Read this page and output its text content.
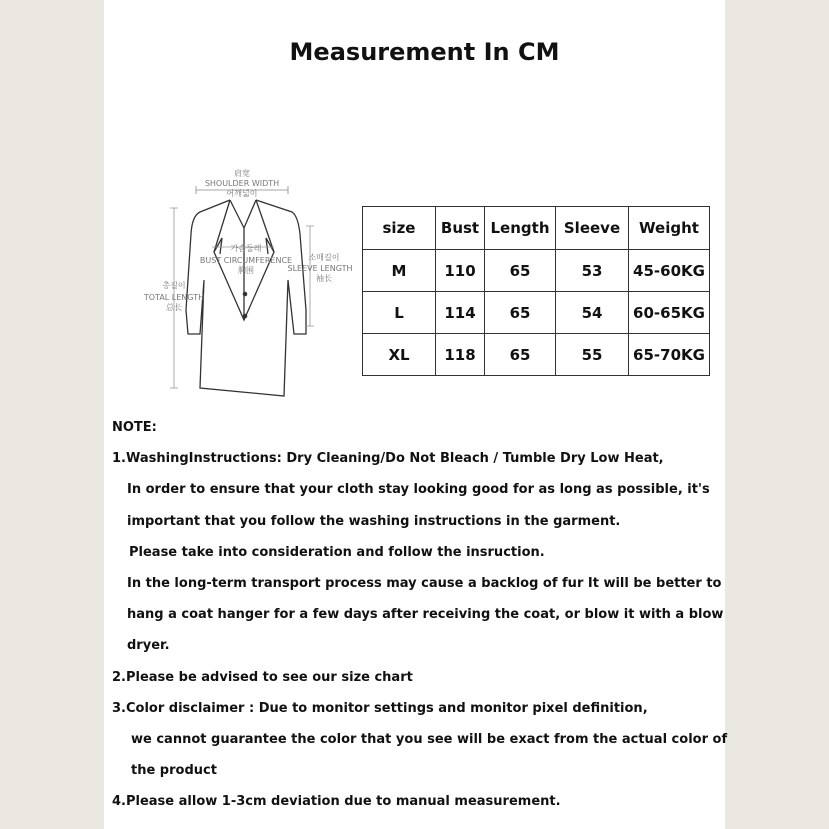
Measurement In CM
肩宽
SHOULDER WIDTH
어깨넓이
가슴둘레
BUST CIRCUMFERENCE
胸围
소매길이
SLEEVE LENGTH
袖长
총길이
TOTAL LENGTH
总长
size	Bust	Length	Sleeve	Weight
M	110	65	53	45-60KG
L	114	65	54	60-65KG
XL	118	65	55	65-70KG
NOTE:
1.WashingInstructions: Dry Cleaning/Do Not Bleach / Tumble Dry Low Heat,
In order to ensure that your cloth stay looking good for as long as possible, it's
important that you follow the washing instructions in the garment.
Please take into consideration and follow the insruction.
In the long-term transport process may cause a backlog of fur It will be better to
hang a coat hanger for a few days after receiving the coat, or blow it with a blow
dryer.
2.Please be advised to see our size chart
3.Color disclaimer : Due to monitor settings and monitor pixel definition,
we cannot guarantee the color that you see will be exact from the actual color of
the product
4.Please allow 1-3cm deviation due to manual measurement.
